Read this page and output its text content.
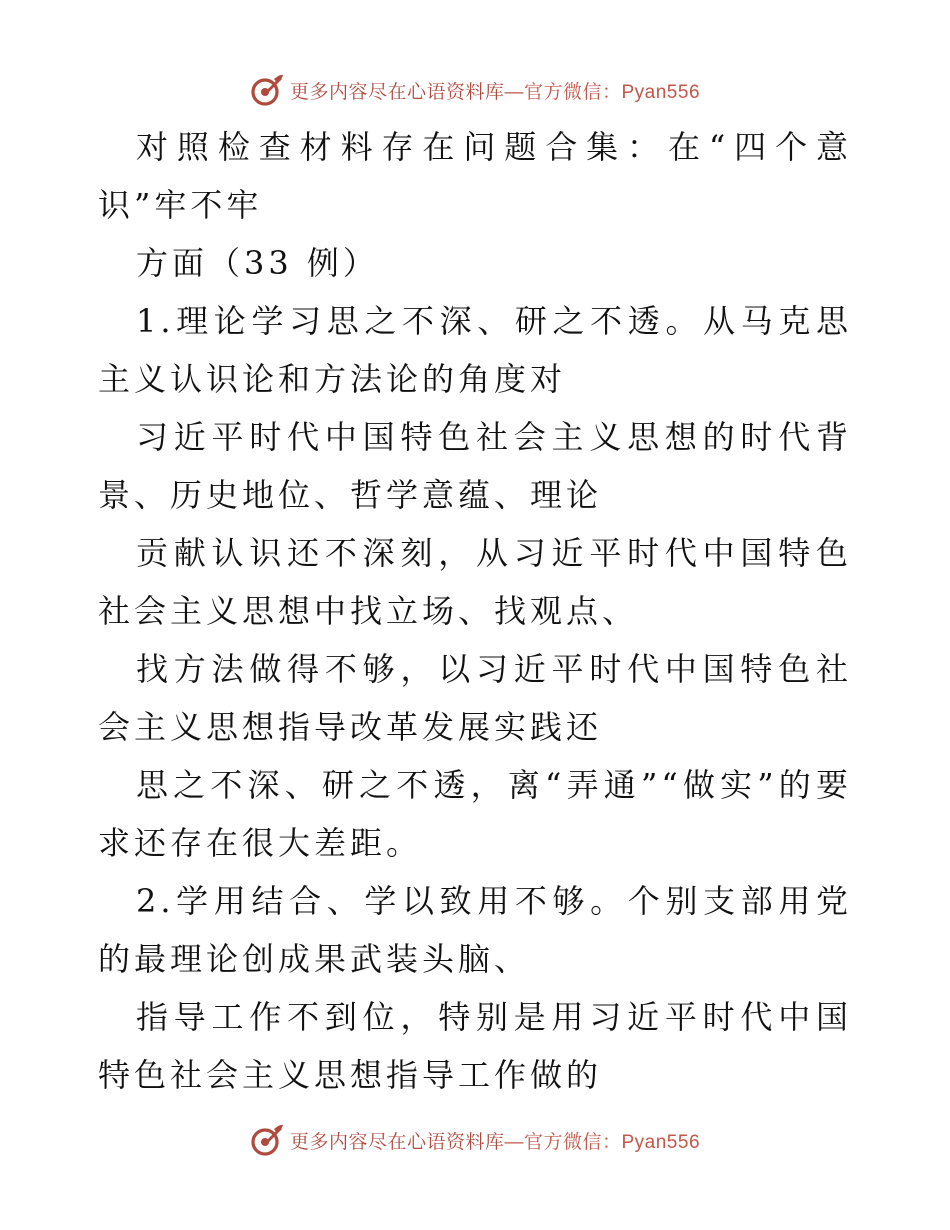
更多内容尽在心语资料库—官方微信：Pyan556

对照检查材料存在问题合集：在“四个意识”牢不牢

方面（33 例）

1.理论学习思之不深、研之不透。从马克思主义认识论和方法论的角度对

习近平时代中国特色社会主义思想的时代背景、历史地位、哲学意蕴、理论

贡献认识还不深刻，从习近平时代中国特色社会主义思想中找立场、找观点、

找方法做得不够，以习近平时代中国特色社会主义思想指导改革发展实践还

思之不深、研之不透，离“弄通”“做实”的要求还存在很大差距。

2.学用结合、学以致用不够。个别支部用党的最理论创成果武装头脑、

指导工作不到位，特别是用习近平时代中国特色社会主义思想指导工作做的

更多内容尽在心语资料库—官方微信：Pyan556
